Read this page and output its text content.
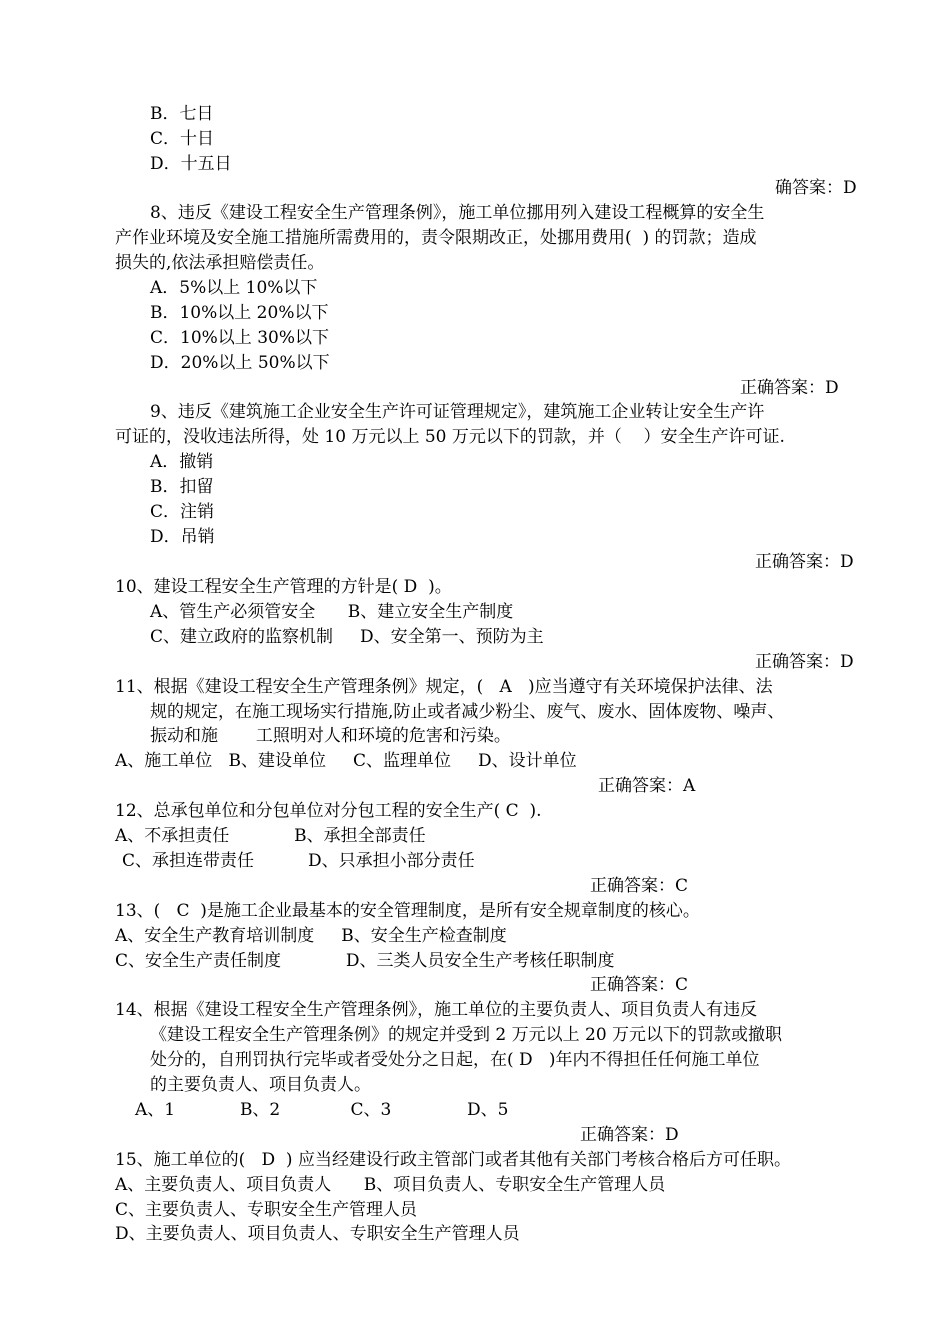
B．七日
C．十日
D．十五日
确答案：D
8、违反《建设工程安全生产管理条例》，施工单位挪用列入建设工程概算的安全生
产作业环境及安全施工措施所需费用的，责令限期改正，处挪用费用(  ) 的罚款；造成
损失的,依法承担赔偿责任。
A．5%以上 10%以下
B．10%以上 20%以下
C．10%以上 30%以下
D．20%以上 50%以下
正确答案：D
9、违反《建筑施工企业安全生产许可证管理规定》，建筑施工企业转让安全生产许
可证的，没收违法所得，处 10 万元以上 50 万元以下的罚款，并（    ）安全生产许可证.
A．撤销
B．扣留
C．注销
D．吊销
正确答案：D
10、建设工程安全生产管理的方针是( D  )。
A、管生产必须管安全      B、建立安全生产制度
C、建立政府的监察机制     D、安全第一、预防为主
正确答案：D
11、根据《建设工程安全生产管理条例》规定，(   A   )应当遵守有关环境保护法律、法
规的规定，在施工现场实行措施,防止或者减少粉尘、废气、废水、固体废物、噪声、
振动和施       工照明对人和环境的危害和污染。
A、施工单位   B、建设单位     C、监理单位     D、设计单位
正确答案：A
12、总承包单位和分包单位对分包工程的安全生产( C  ).
A、不承担责任            B、承担全部责任
C、承担连带责任          D、只承担小部分责任
正确答案：C
13、(   C  )是施工企业最基本的安全管理制度，是所有安全规章制度的核心。
A、安全生产教育培训制度     B、安全生产检查制度
C、安全生产责任制度            D、三类人员安全生产考核任职制度
正确答案：C
14、根据《建设工程安全生产管理条例》，施工单位的主要负责人、项目负责人有违反
《建设工程安全生产管理条例》的规定并受到 2 万元以上 20 万元以下的罚款或撤职
处分的，自刑罚执行完毕或者受处分之日起，在( D   )年内不得担任任何施工单位
的主要负责人、项目负责人。
A、1            B、2             C、3              D、5
正确答案：D
15、施工单位的(   D  ) 应当经建设行政主管部门或者其他有关部门考核合格后方可任职。
A、主要负责人、项目负责人      B、项目负责人、专职安全生产管理人员
C、主要负责人、专职安全生产管理人员
D、主要负责人、项目负责人、专职安全生产管理人员
